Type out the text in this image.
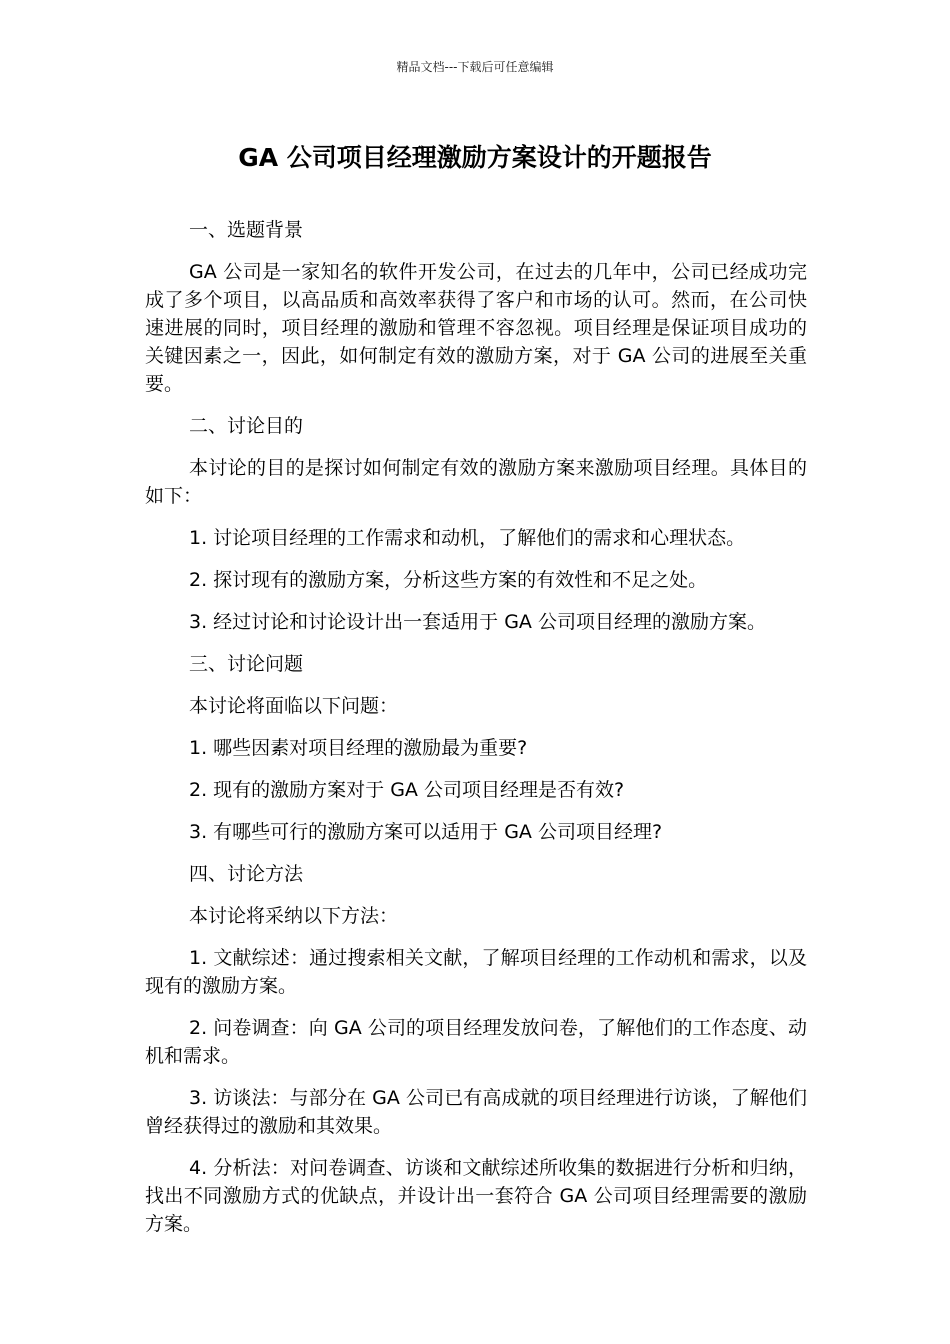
精品文档---下载后可任意编辑
GA 公司项目经理激励方案设计的开题报告

一、选题背景

GA 公司是一家知名的软件开发公司，在过去的几年中，公司已经成功完成了多个项目，以高品质和高效率获得了客户和市场的认可。然而，在公司快速进展的同时，项目经理的激励和管理不容忽视。项目经理是保证项目成功的关键因素之一，因此，如何制定有效的激励方案，对于 GA 公司的进展至关重要。

二、讨论目的

本讨论的目的是探讨如何制定有效的激励方案来激励项目经理。具体目的如下：

1. 讨论项目经理的工作需求和动机，了解他们的需求和心理状态。

2. 探讨现有的激励方案，分析这些方案的有效性和不足之处。

3. 经过讨论和讨论设计出一套适用于 GA 公司项目经理的激励方案。

三、讨论问题

本讨论将面临以下问题：

1. 哪些因素对项目经理的激励最为重要?

2. 现有的激励方案对于 GA 公司项目经理是否有效?

3. 有哪些可行的激励方案可以适用于 GA 公司项目经理?

四、讨论方法

本讨论将采纳以下方法：

1. 文献综述：通过搜索相关文献，了解项目经理的工作动机和需求，以及现有的激励方案。

2. 问卷调查：向 GA 公司的项目经理发放问卷，了解他们的工作态度、动机和需求。

3. 访谈法：与部分在 GA 公司已有高成就的项目经理进行访谈，了解他们曾经获得过的激励和其效果。

4. 分析法：对问卷调查、访谈和文献综述所收集的数据进行分析和归纳，找出不同激励方式的优缺点，并设计出一套符合 GA 公司项目经理需要的激励方案。
